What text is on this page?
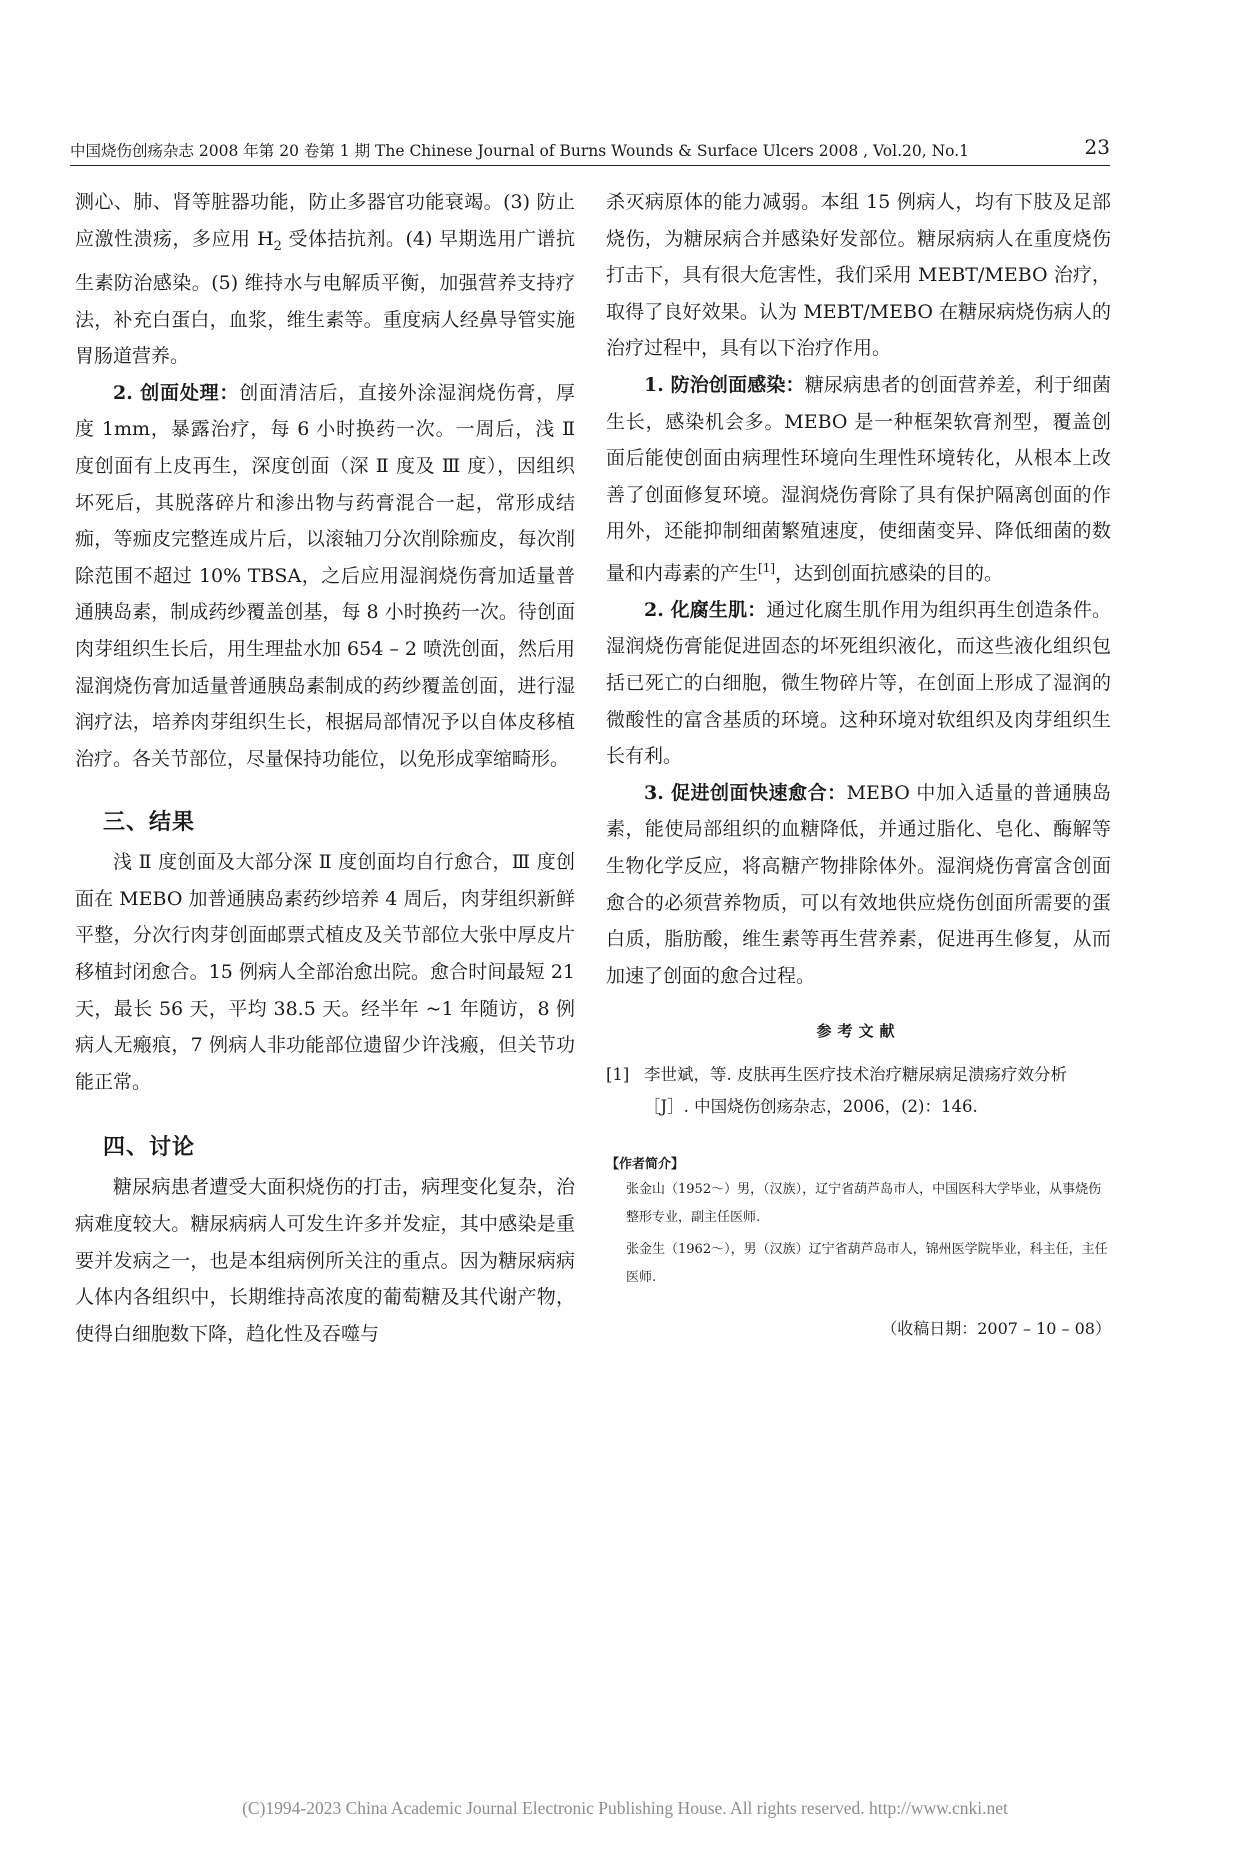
中国烧伤创疡杂志 2008 年第 20 卷第 1 期 The Chinese Journal of Burns Wounds & Surface Ulcers 2008 , Vol.20, No.1	23

测心、肺、肾等脏器功能，防止多器官功能衰竭。(3) 防止应激性溃疡，多应用 $H_2$ 受体拮抗剂。(4) 早期选用广谱抗生素防治感染。(5) 维持水与电解质平衡，加强营养支持疗法，补充白蛋白，血浆，维生素等。重度病人经鼻导管实施胃肠道营养。

2. 创面处理：创面清洁后，直接外涂湿润烧伤膏，厚度 1mm，暴露治疗，每 6 小时换药一次。一周后，浅 Ⅱ 度创面有上皮再生，深度创面（深 Ⅱ 度及 Ⅲ 度），因组织坏死后，其脱落碎片和渗出物与药膏混合一起，常形成结痂，等痂皮完整连成片后，以滚轴刀分次削除痂皮，每次削除范围不超过 10% TBSA，之后应用湿润烧伤膏加适量普通胰岛素，制成药纱覆盖创基，每 8 小时换药一次。待创面肉芽组织生长后，用生理盐水加 654 – 2 喷洗创面，然后用湿润烧伤膏加适量普通胰岛素制成的药纱覆盖创面，进行湿润疗法，培养肉芽组织生长，根据局部情况予以自体皮移植治疗。各关节部位，尽量保持功能位，以免形成挛缩畸形。

三、结果

浅 Ⅱ 度创面及大部分深 Ⅱ 度创面均自行愈合，Ⅲ 度创面在 MEBO 加普通胰岛素药纱培养 4 周后，肉芽组织新鲜平整，分次行肉芽创面邮票式植皮及关节部位大张中厚皮片移植封闭愈合。15 例病人全部治愈出院。愈合时间最短 21 天，最长 56 天，平均 38.5 天。经半年 ~1 年随访，8 例病人无瘢痕，7 例病人非功能部位遗留少许浅瘢，但关节功能正常。

四、讨论

糖尿病患者遭受大面积烧伤的打击，病理变化复杂，治病难度较大。糖尿病病人可发生许多并发症，其中感染是重要并发病之一，也是本组病例所关注的重点。因为糖尿病病人体内各组织中，长期维持高浓度的葡萄糖及其代谢产物，使得白细胞数下降，趋化性及吞噬与

杀灭病原体的能力减弱。本组 15 例病人，均有下肢及足部烧伤，为糖尿病合并感染好发部位。糖尿病病人在重度烧伤打击下，具有很大危害性，我们采用 MEBT/MEBO 治疗，取得了良好效果。认为 MEBT/MEBO 在糖尿病烧伤病人的治疗过程中，具有以下治疗作用。

1. 防治创面感染：糖尿病患者的创面营养差，利于细菌生长，感染机会多。MEBO 是一种框架软膏剂型，覆盖创面后能使创面由病理性环境向生理性环境转化，从根本上改善了创面修复环境。湿润烧伤膏除了具有保护隔离创面的作用外，还能抑制细菌繁殖速度，使细菌变异、降低细菌的数量和内毒素的产生[1]，达到创面抗感染的目的。

2. 化腐生肌：通过化腐生肌作用为组织再生创造条件。湿润烧伤膏能促进固态的坏死组织液化，而这些液化组织包括已死亡的白细胞，微生物碎片等，在创面上形成了湿润的微酸性的富含基质的环境。这种环境对软组织及肉芽组织生长有利。

3. 促进创面快速愈合：MEBO 中加入适量的普通胰岛素，能使局部组织的血糖降低，并通过脂化、皂化、酶解等生物化学反应，将高糖产物排除体外。湿润烧伤膏富含创面愈合的必须营养物质，可以有效地供应烧伤创面所需要的蛋白质，脂肪酸，维生素等再生营养素，促进再生修复，从而加速了创面的愈合过程。

参考文献
[1] 李世斌，等. 皮肤再生医疗技术治疗糖尿病足溃疡疗效分析［J］. 中国烧伤创疡杂志，2006，(2)：146.
【作者简介】
张金山（1952～）男，（汉族），辽宁省葫芦岛市人，中国医科大学毕业，从事烧伤整形专业，副主任医师.
张金生（1962～），男（汉族）辽宁省葫芦岛市人，锦州医学院毕业，科主任，主任医师.
（收稿日期：2007 – 10 – 08）
(C)1994-2023 China Academic Journal Electronic Publishing House. All rights reserved. http://www.cnki.net
